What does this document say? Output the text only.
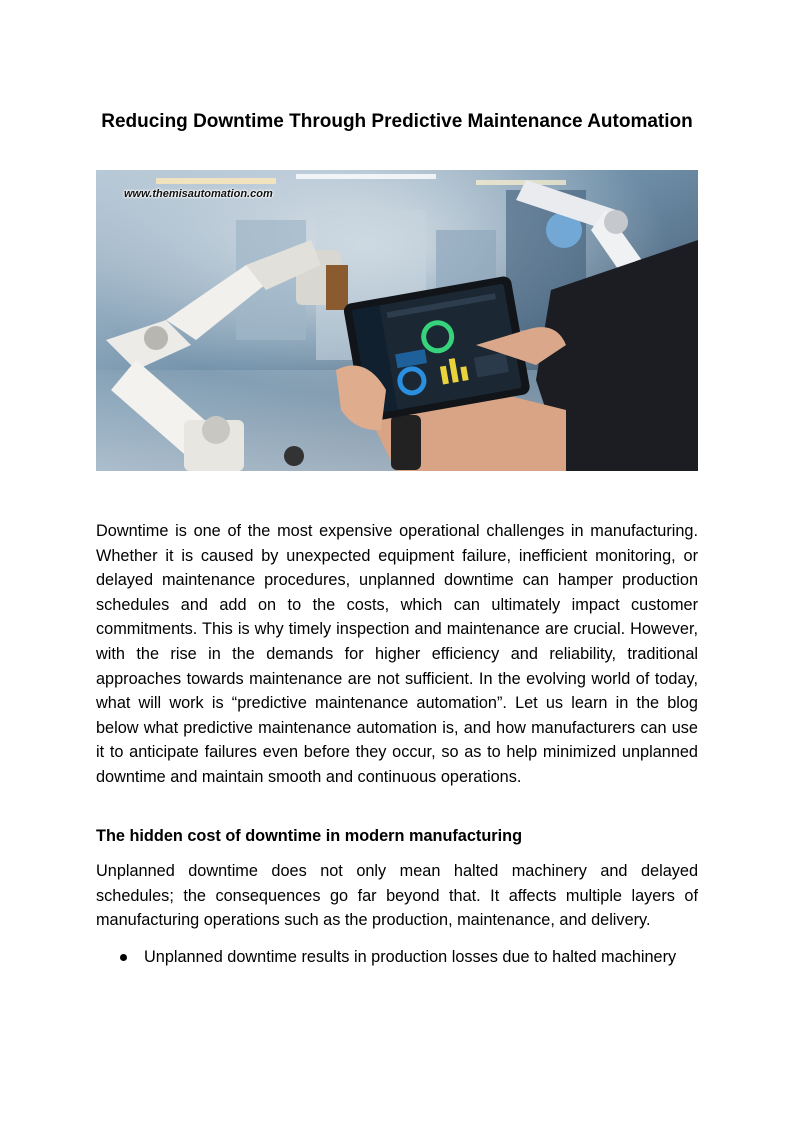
Reducing Downtime Through Predictive Maintenance Automation
www.themisautomation.com

Downtime is one of the most expensive operational challenges in manufacturing. Whether it is caused by unexpected equipment failure, inefficient monitoring, or delayed maintenance procedures, unplanned downtime can hamper production schedules and add on to the costs, which can ultimately impact customer commitments. This is why timely inspection and maintenance are crucial. However, with the rise in the demands for higher efficiency and reliability, traditional approaches towards maintenance are not sufficient. In the evolving world of today, what will work is “predictive maintenance automation”. Let us learn in the blog below what predictive maintenance automation is, and how manufacturers can use it to anticipate failures even before they occur, so as to help minimized unplanned downtime and maintain smooth and continuous operations.

The hidden cost of downtime in modern manufacturing

Unplanned downtime does not only mean halted machinery and delayed schedules; the consequences go far beyond that. It affects multiple layers of manufacturing operations such as the production, maintenance, and delivery.

Unplanned downtime results in production losses due to halted machinery
